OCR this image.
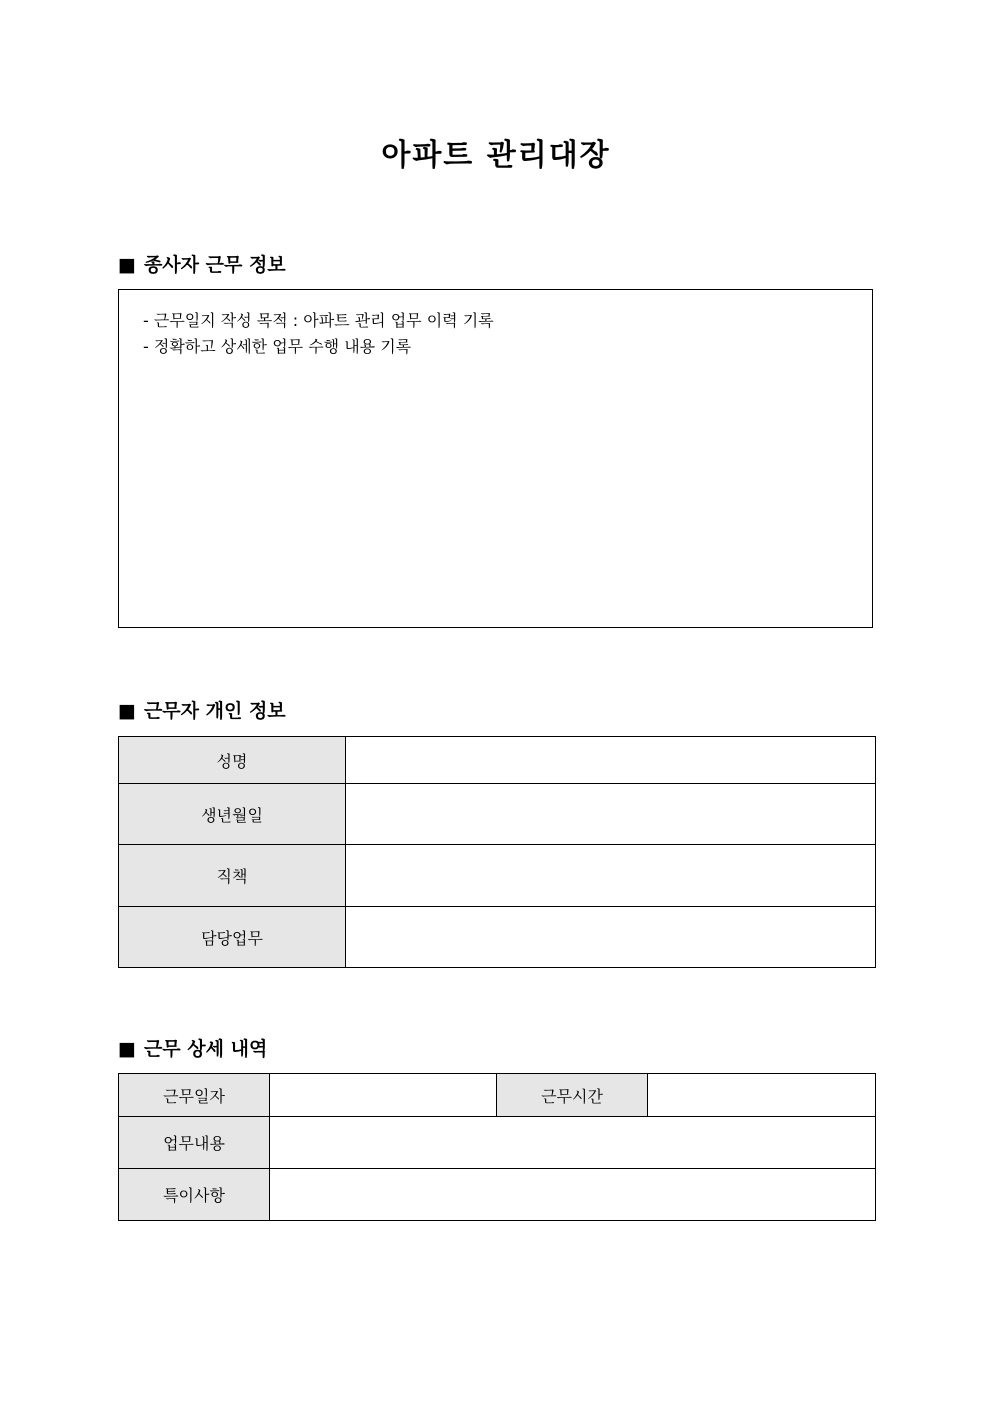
아파트 관리대장
■ 종사자 근무 정보
- 근무일지 작성 목적 : 아파트 관리 업무 이력 기록
- 정확하고 상세한 업무 수행 내용 기록
■ 근무자 개인 정보
성명	
생년월일	
직책	
담당업무	
■ 근무 상세 내역
근무일자		근무시간	
업무내용			
특이사항			
